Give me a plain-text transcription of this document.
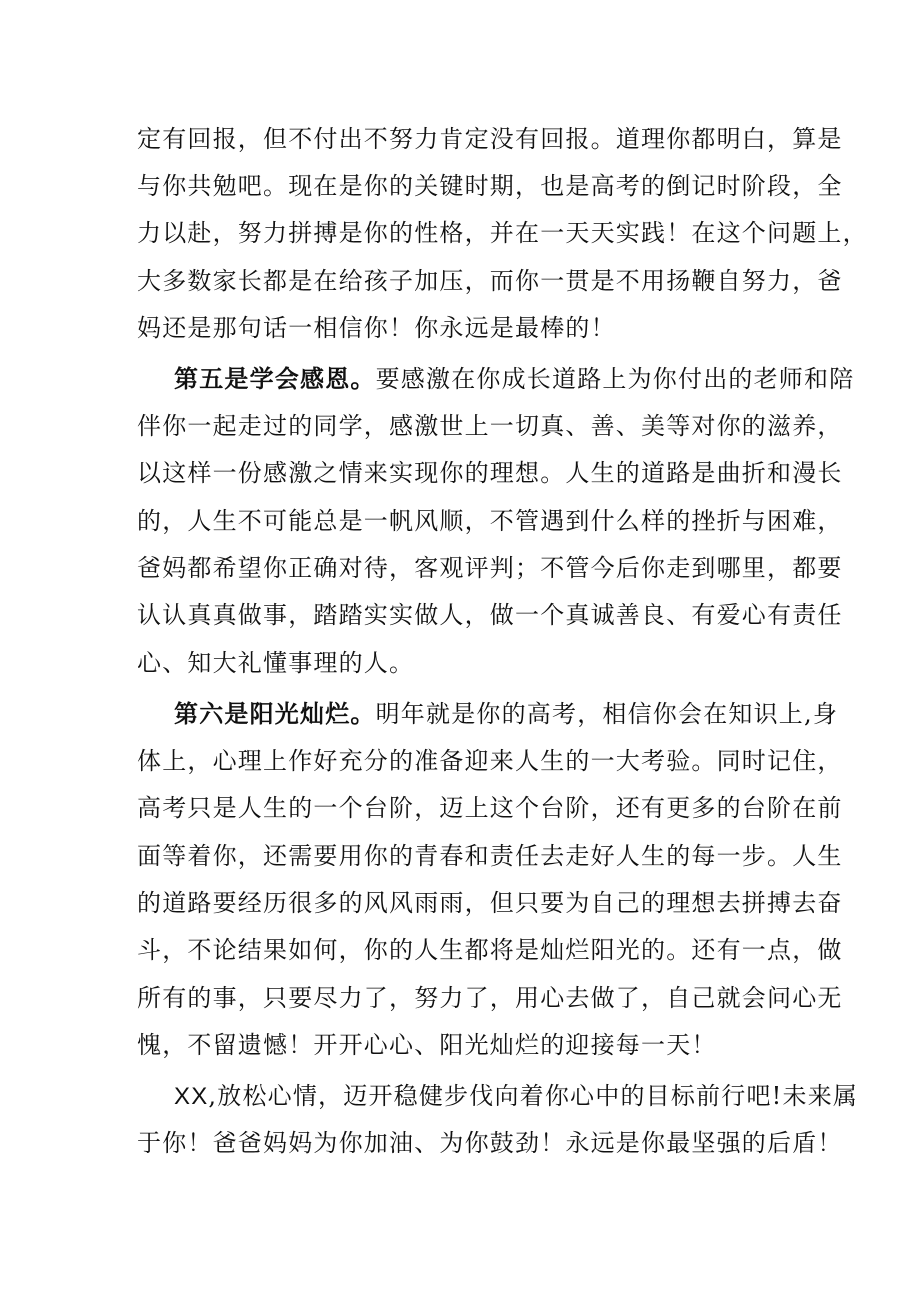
定有回报，但不付出不努力肯定没有回报。道理你都明白，算是
与你共勉吧。现在是你的关键时期，也是高考的倒记时阶段，全
力以赴，努力拼搏是你的性格，并在一天天实践！在这个问题上，
大多数家长都是在给孩子加压，而你一贯是不用扬鞭自努力，爸
妈还是那句话一相信你！你永远是最棒的！
第五是学会感恩。要感激在你成长道路上为你付出的老师和陪
伴你一起走过的同学，感激世上一切真、善、美等对你的滋养，
以这样一份感激之情来实现你的理想。人生的道路是曲折和漫长
的，人生不可能总是一帆风顺，不管遇到什么样的挫折与困难，
爸妈都希望你正确对待，客观评判；不管今后你走到哪里，都要
认认真真做事，踏踏实实做人，做一个真诚善良、有爱心有责任
心、知大礼懂事理的人。
第六是阳光灿烂。明年就是你的高考，相信你会在知识上,身
体上，心理上作好充分的准备迎来人生的一大考验。同时记住，
高考只是人生的一个台阶，迈上这个台阶，还有更多的台阶在前
面等着你，还需要用你的青春和责任去走好人生的每一步。人生
的道路要经历很多的风风雨雨，但只要为自己的理想去拼搏去奋
斗，不论结果如何，你的人生都将是灿烂阳光的。还有一点，做
所有的事，只要尽力了，努力了，用心去做了，自己就会问心无
愧，不留遗憾！开开心心、阳光灿烂的迎接每一天！
XX,放松心情，迈开稳健步伐向着你心中的目标前行吧!未来属
于你！爸爸妈妈为你加油、为你鼓劲！永远是你最坚强的后盾！
